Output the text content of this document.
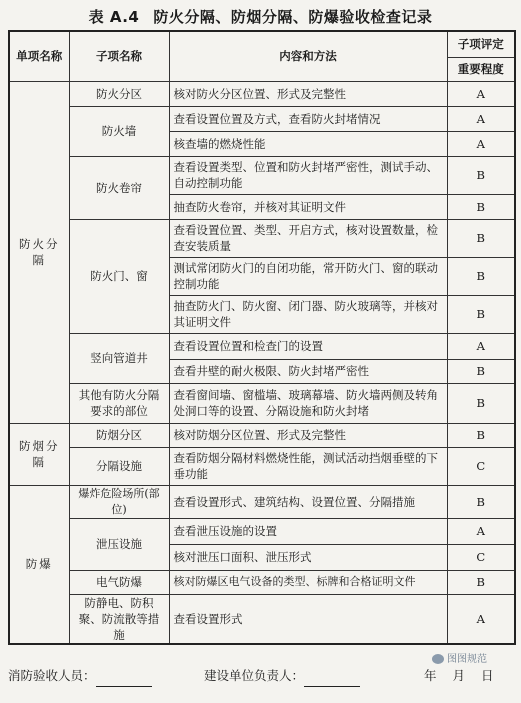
表 A.4 防火分隔、防烟分隔、防爆验收检查记录
单项名称	子项名称	内容和方法	子项评定
			重要程度
防火分隔	防火分区	核对防火分区位置、形式及完整性	A
	防火墙	查看设置位置及方式，查看防火封堵情况	A
		核查墙的燃烧性能	A
	防火卷帘	查看设置类型、位置和防火封堵严密性，测试手动、自动控制功能	B
		抽查防火卷帘，并核对其证明文件	B
	防火门、窗	查看设置位置、类型、开启方式，核对设置数量，检查安装质量	B
		测试常闭防火门的自闭功能，常开防火门、窗的联动控制功能	B
		抽查防火门、防火窗、闭门器、防火玻璃等，并核对其证明文件	B
	竖向管道井	查看设置位置和检查门的设置	A
		查看井壁的耐火极限、防火封堵严密性	B
	其他有防火分隔要求的部位	查看窗间墙、窗槛墙、玻璃幕墙、防火墙两侧及转角处洞口等的设置、分隔设施和防火封堵	B
防烟分隔	防烟分区	核对防烟分区位置、形式及完整性	B
	分隔设施	查看防烟分隔材料燃烧性能，测试活动挡烟垂壁的下垂功能	C
防爆	爆炸危险场所(部位)	查看设置形式、建筑结构、设置位置、分隔措施	B
	泄压设施	查看泄压设施的设置	A
		核对泄压口面积、泄压形式	C
	电气防爆	核对防爆区电气设备的类型、标牌和合格证明文件	B
	防静电、防积聚、防流散等措施	查看设置形式	A
图图规范
消防验收人员：	建设单位负责人：	年 月 日
